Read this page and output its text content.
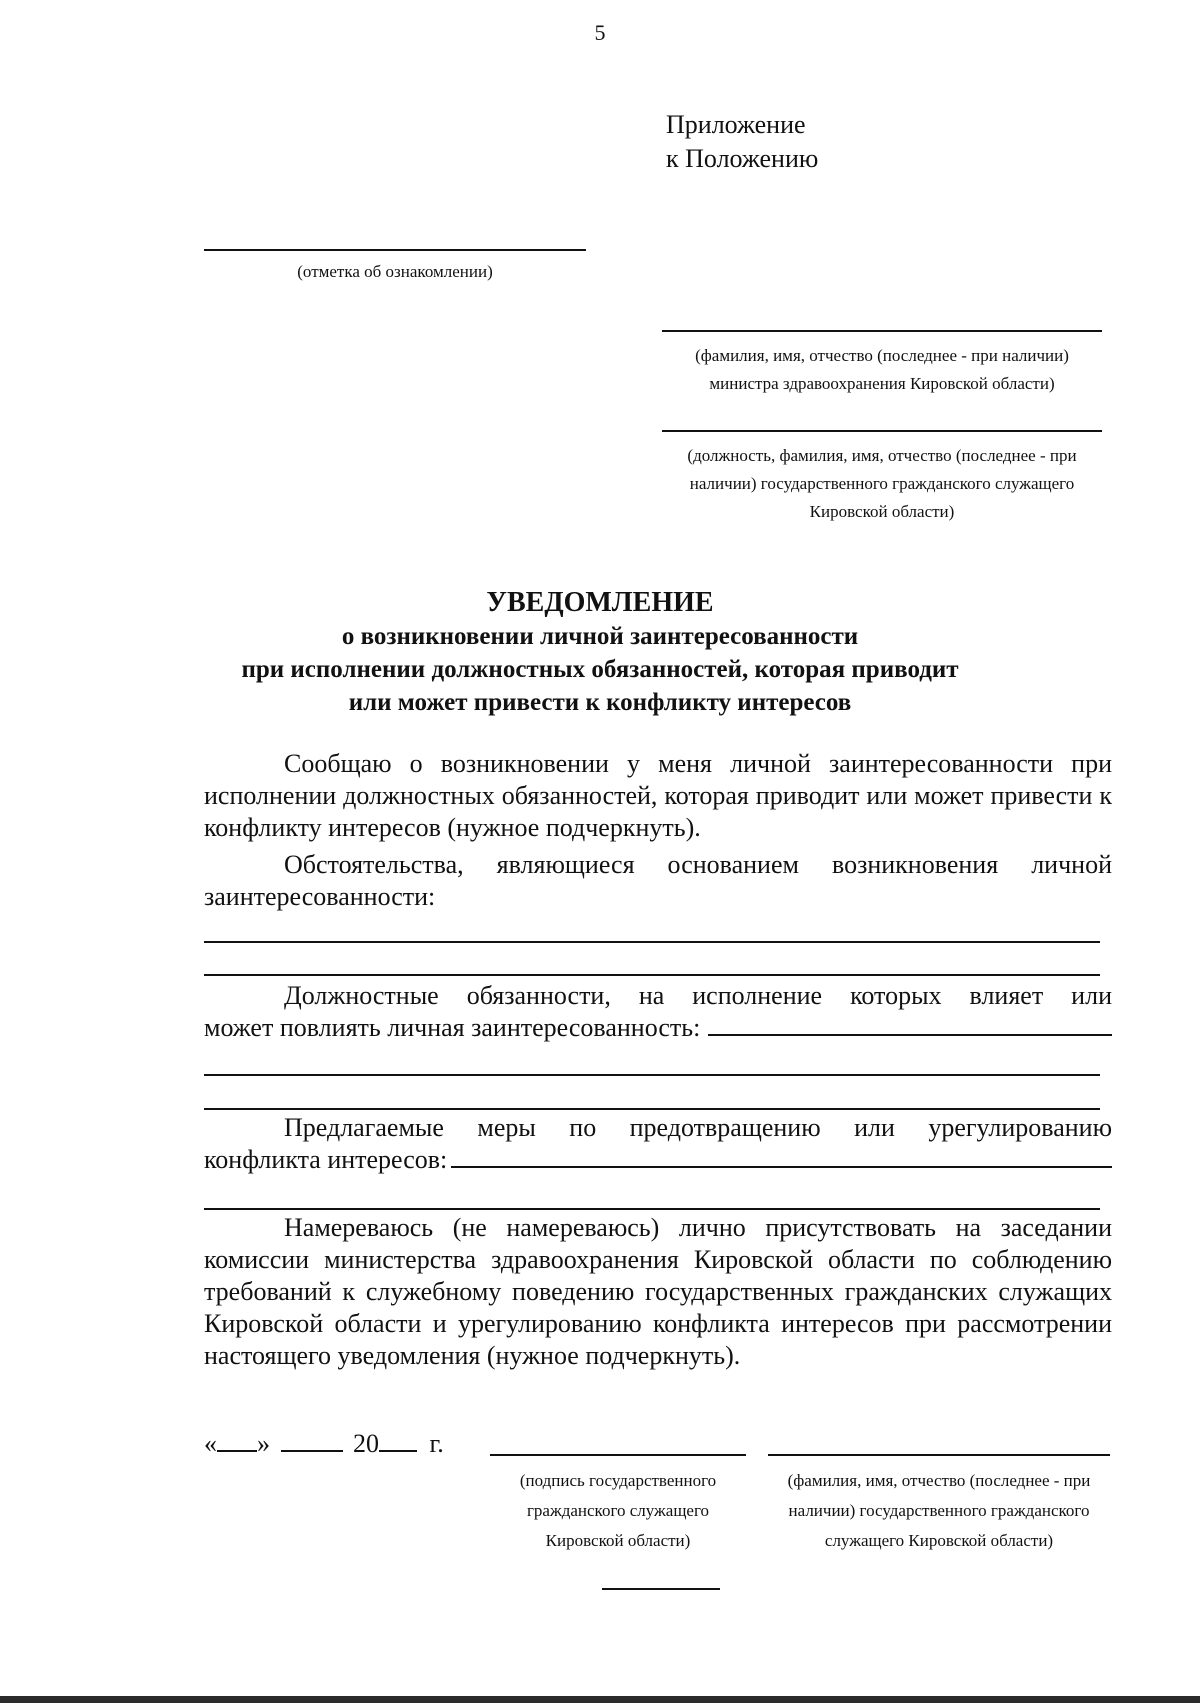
5
Приложение
к Положению
(отметка об ознакомлении)
(фамилия, имя, отчество (последнее - при наличии)
министра здравоохранения Кировской области)
(должность, фамилия, имя, отчество (последнее - при
наличии) государственного гражданского служащего
Кировской области)
УВЕДОМЛЕНИЕ
о возникновении личной заинтересованности
при исполнении должностных обязанностей, которая приводит
или может привести к конфликту интересов
Сообщаю о возникновении у меня личной заинтересованности при исполнении должностных обязанностей, которая приводит или может привести к конфликту интересов (нужное подчеркнуть).
Обстоятельства, являющиеся основанием возникновения личной заинтересованности:
Должностные обязанности, на исполнение которых влияет или
может повлиять личная заинтересованность:
Предлагаемые меры по предотвращению или урегулированию
конфликта интересов:
Намереваюсь (не намереваюсь) лично присутствовать на заседании комиссии министерства здравоохранения Кировской области по соблюдению требований к служебному поведению государственных гражданских служащих Кировской области и урегулированию конфликта интересов при рассмотрении настоящего уведомления (нужное подчеркнуть).
« »	20 г.
(подпись государственного
гражданского служащего
Кировской области)
(фамилия, имя, отчество (последнее - при
наличии) государственного гражданского
служащего Кировской области)
